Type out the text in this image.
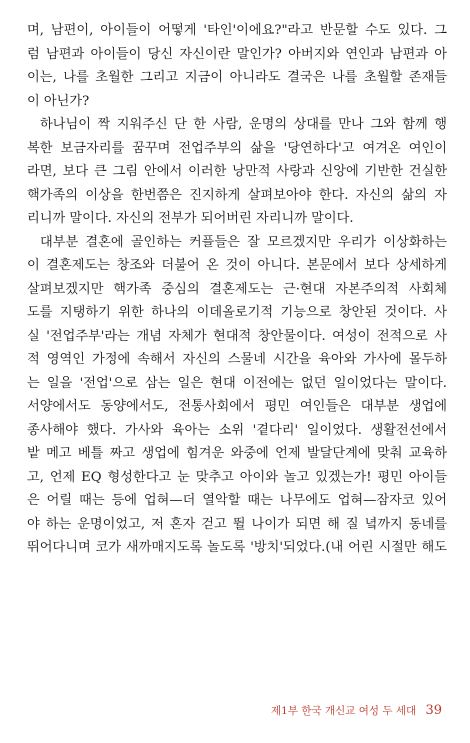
며, 남편이, 아이들이 어떻게 '타인'이에요?"라고 반문할 수도 있다. 그
럼 남편과 아이들이 당신 자신이란 말인가? 아버지와 연인과 남편과 아
이는, 나를 초월한 그리고 지금이 아니라도 결국은 나를 초월할 존재들
이 아닌가?
하나님이 짝 지워주신 단 한 사람, 운명의 상대를 만나 그와 함께 행
복한 보금자리를 꿈꾸며 전업주부의 삶을 '당연하다'고 여겨온 여인이
라면, 보다 큰 그림 안에서 이러한 낭만적 사랑과 신앙에 기반한 건실한
핵가족의 이상을 한번쯤은 진지하게 살펴보아야 한다. 자신의 삶의 자
리니까 말이다. 자신의 전부가 되어버린 자리니까 말이다.
대부분 결혼에 골인하는 커플들은 잘 모르겠지만 우리가 이상화하는
이 결혼제도는 창조와 더불어 온 것이 아니다. 본문에서 보다 상세하게
살펴보겠지만 핵가족 중심의 결혼제도는 근·현대 자본주의적 사회체
도를 지탱하기 위한 하나의 이데올로기적 기능으로 창안된 것이다. 사
실 '전업주부'라는 개념 자체가 현대적 창안물이다. 여성이 전적으로 사
적 영역인 가정에 속해서 자신의 스물네 시간을 육아와 가사에 몰두하
는 일을 '전업'으로 삼는 일은 현대 이전에는 없던 일이었다는 말이다.
서양에서도 동양에서도, 전통사회에서 평민 여인들은 대부분 생업에
종사해야 했다. 가사와 육아는 소위 '곁다리' 일이었다. 생활전선에서
밭 메고 베틀 짜고 생업에 힘겨운 와중에 언제 발달단계에 맞춰 교육하
고, 언제 EQ 형성한다고 눈 맞추고 아이와 놀고 있겠는가! 평민 아이들
은 어릴 때는 등에 업혀—더 열악할 때는 나무에도 업혀—잠자코 있어
야 하는 운명이었고, 저 혼자 걷고 뛸 나이가 되면 해 질 녘까지 동네를
뛰어다니며 코가 새까매지도록 놀도록 '방치'되었다.(내 어린 시절만 해도
제1부 한국 개신교 여성 두 세대 39
